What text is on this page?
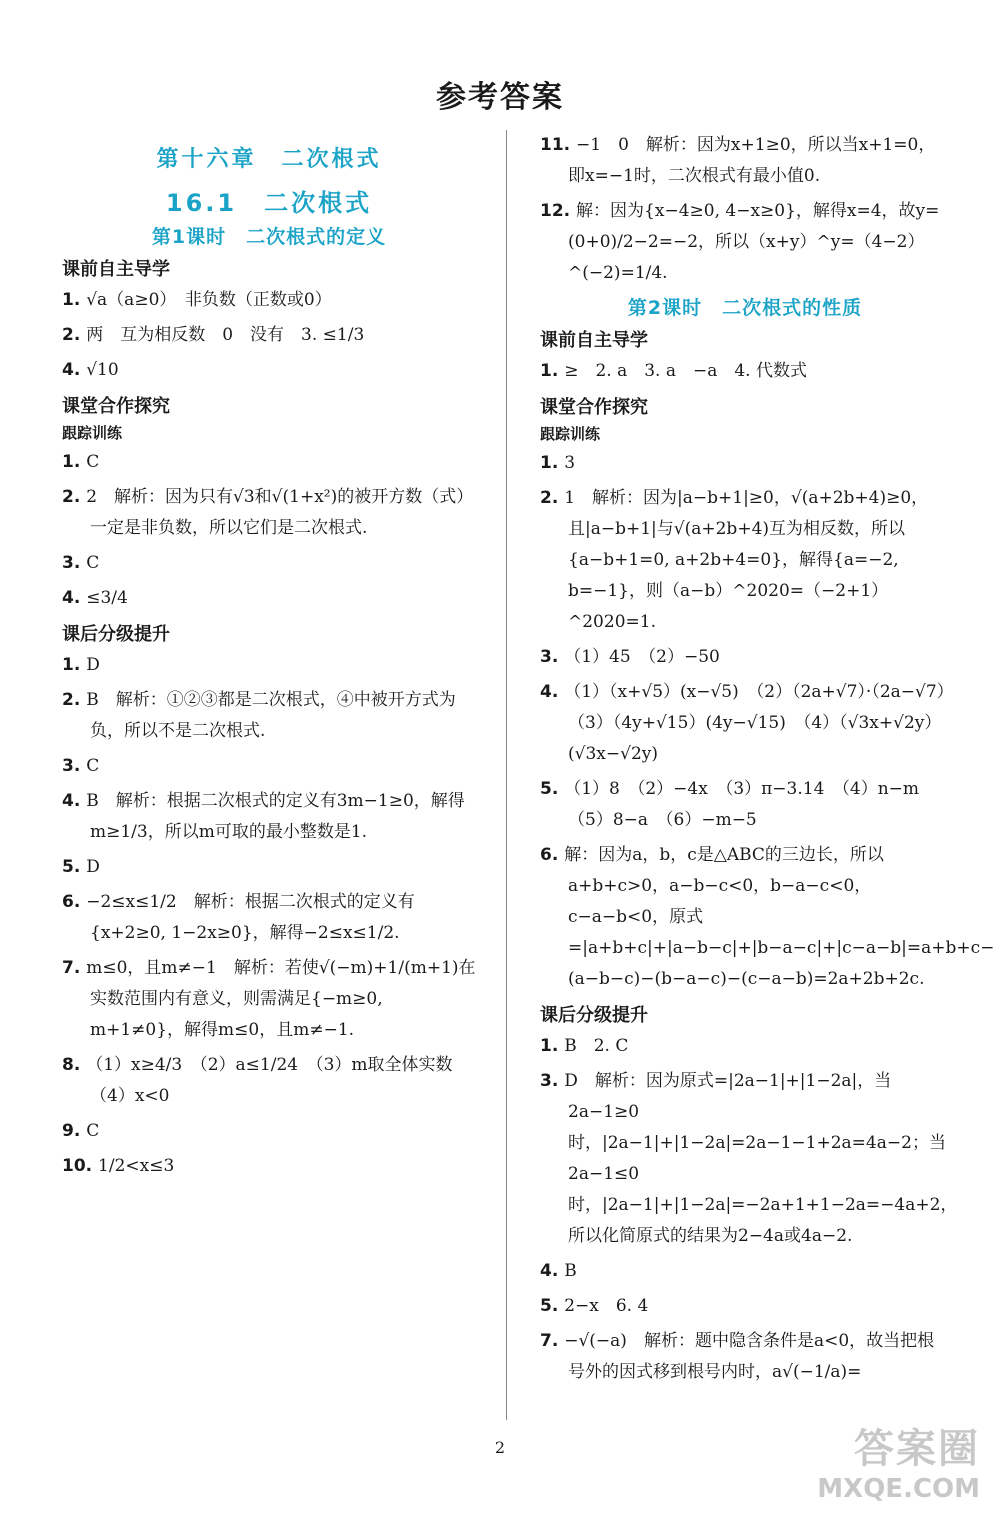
参考答案
第十六章　二次根式
16.1　二次根式
第1课时　二次根式的定义
课前自主导学
1. √a（a≥0）　非负数（正数或0）
2. 两　互为相反数　0　没有　3. ≤1/3
4. √10
课堂合作探究
跟踪训练
1. C
2. 2　解析：因为只有√3和√(1+x²)的被开方数（式）一定是非负数，所以它们是二次根式.
3. C
4. ≤3/4
课后分级提升
1. D
2. B　解析：①②③都是二次根式，④中被开方式为负，所以不是二次根式.
3. C
4. B　解析：根据二次根式的定义有3m−1≥0，解得m≥1/3，所以m可取的最小整数是1.
5. D
6. −2≤x≤1/2　解析：根据二次根式的定义有{x+2≥0, 1−2x≥0}，解得−2≤x≤1/2.
7. m≤0，且m≠−1　解析：若使√(−m)+1/(m+1)在实数范围内有意义，则需满足{−m≥0, m+1≠0}，解得m≤0，且m≠−1.
8. （1）x≥4/3　（2）a≤1/24　（3）m取全体实数　（4）x<0
9. C
10. 1/2<x≤3
11. −1　0　解析：因为x+1≥0，所以当x+1=0，即x=−1时，二次根式有最小值0.
12. 解：因为{x−4≥0, 4−x≥0}，解得x=4，故y=(0+0)/2−2=−2，所以（x+y）^y=（4−2）^(−2)=1/4.
第2课时　二次根式的性质
课前自主导学
1. ≥　2. a　3. a　−a　4. 代数式
课堂合作探究
跟踪训练
1. 3
2. 1　解析：因为|a−b+1|≥0，√(a+2b+4)≥0，且|a−b+1|与√(a+2b+4)互为相反数，所以{a−b+1=0, a+2b+4=0}，解得{a=−2, b=−1}，则（a−b）^2020=（−2+1）^2020=1.
3. （1）45　（2）−50
4. （1）（x+√5）(x−√5)　（2）（2a+√7）·（2a−√7）　（3）（4y+√15）(4y−√15)　（4）（√3x+√2y）(√3x−√2y)
5. （1）8　（2）−4x　（3）π−3.14　（4）n−m　（5）8−a　（6）−m−5
6. 解：因为a，b，c是△ABC的三边长，所以a+b+c>0，a−b−c<0，b−a−c<0，c−a−b<0，原式=|a+b+c|+|a−b−c|+|b−a−c|+|c−a−b|=a+b+c−(a−b−c)−(b−a−c)−(c−a−b)=2a+2b+2c.
课后分级提升
1. B　2. C
3. D　解析：因为原式=|2a−1|+|1−2a|，当2a−1≥0时，|2a−1|+|1−2a|=2a−1−1+2a=4a−2；当2a−1≤0时，|2a−1|+|1−2a|=−2a+1+1−2a=−4a+2，所以化简原式的结果为2−4a或4a−2.
4. B
5. 2−x　6. 4
7. −√(−a)　解析：题中隐含条件是a<0，故当把根号外的因式移到根号内时，a√(−1/a)=
2	答案圈
MXQE.COM
